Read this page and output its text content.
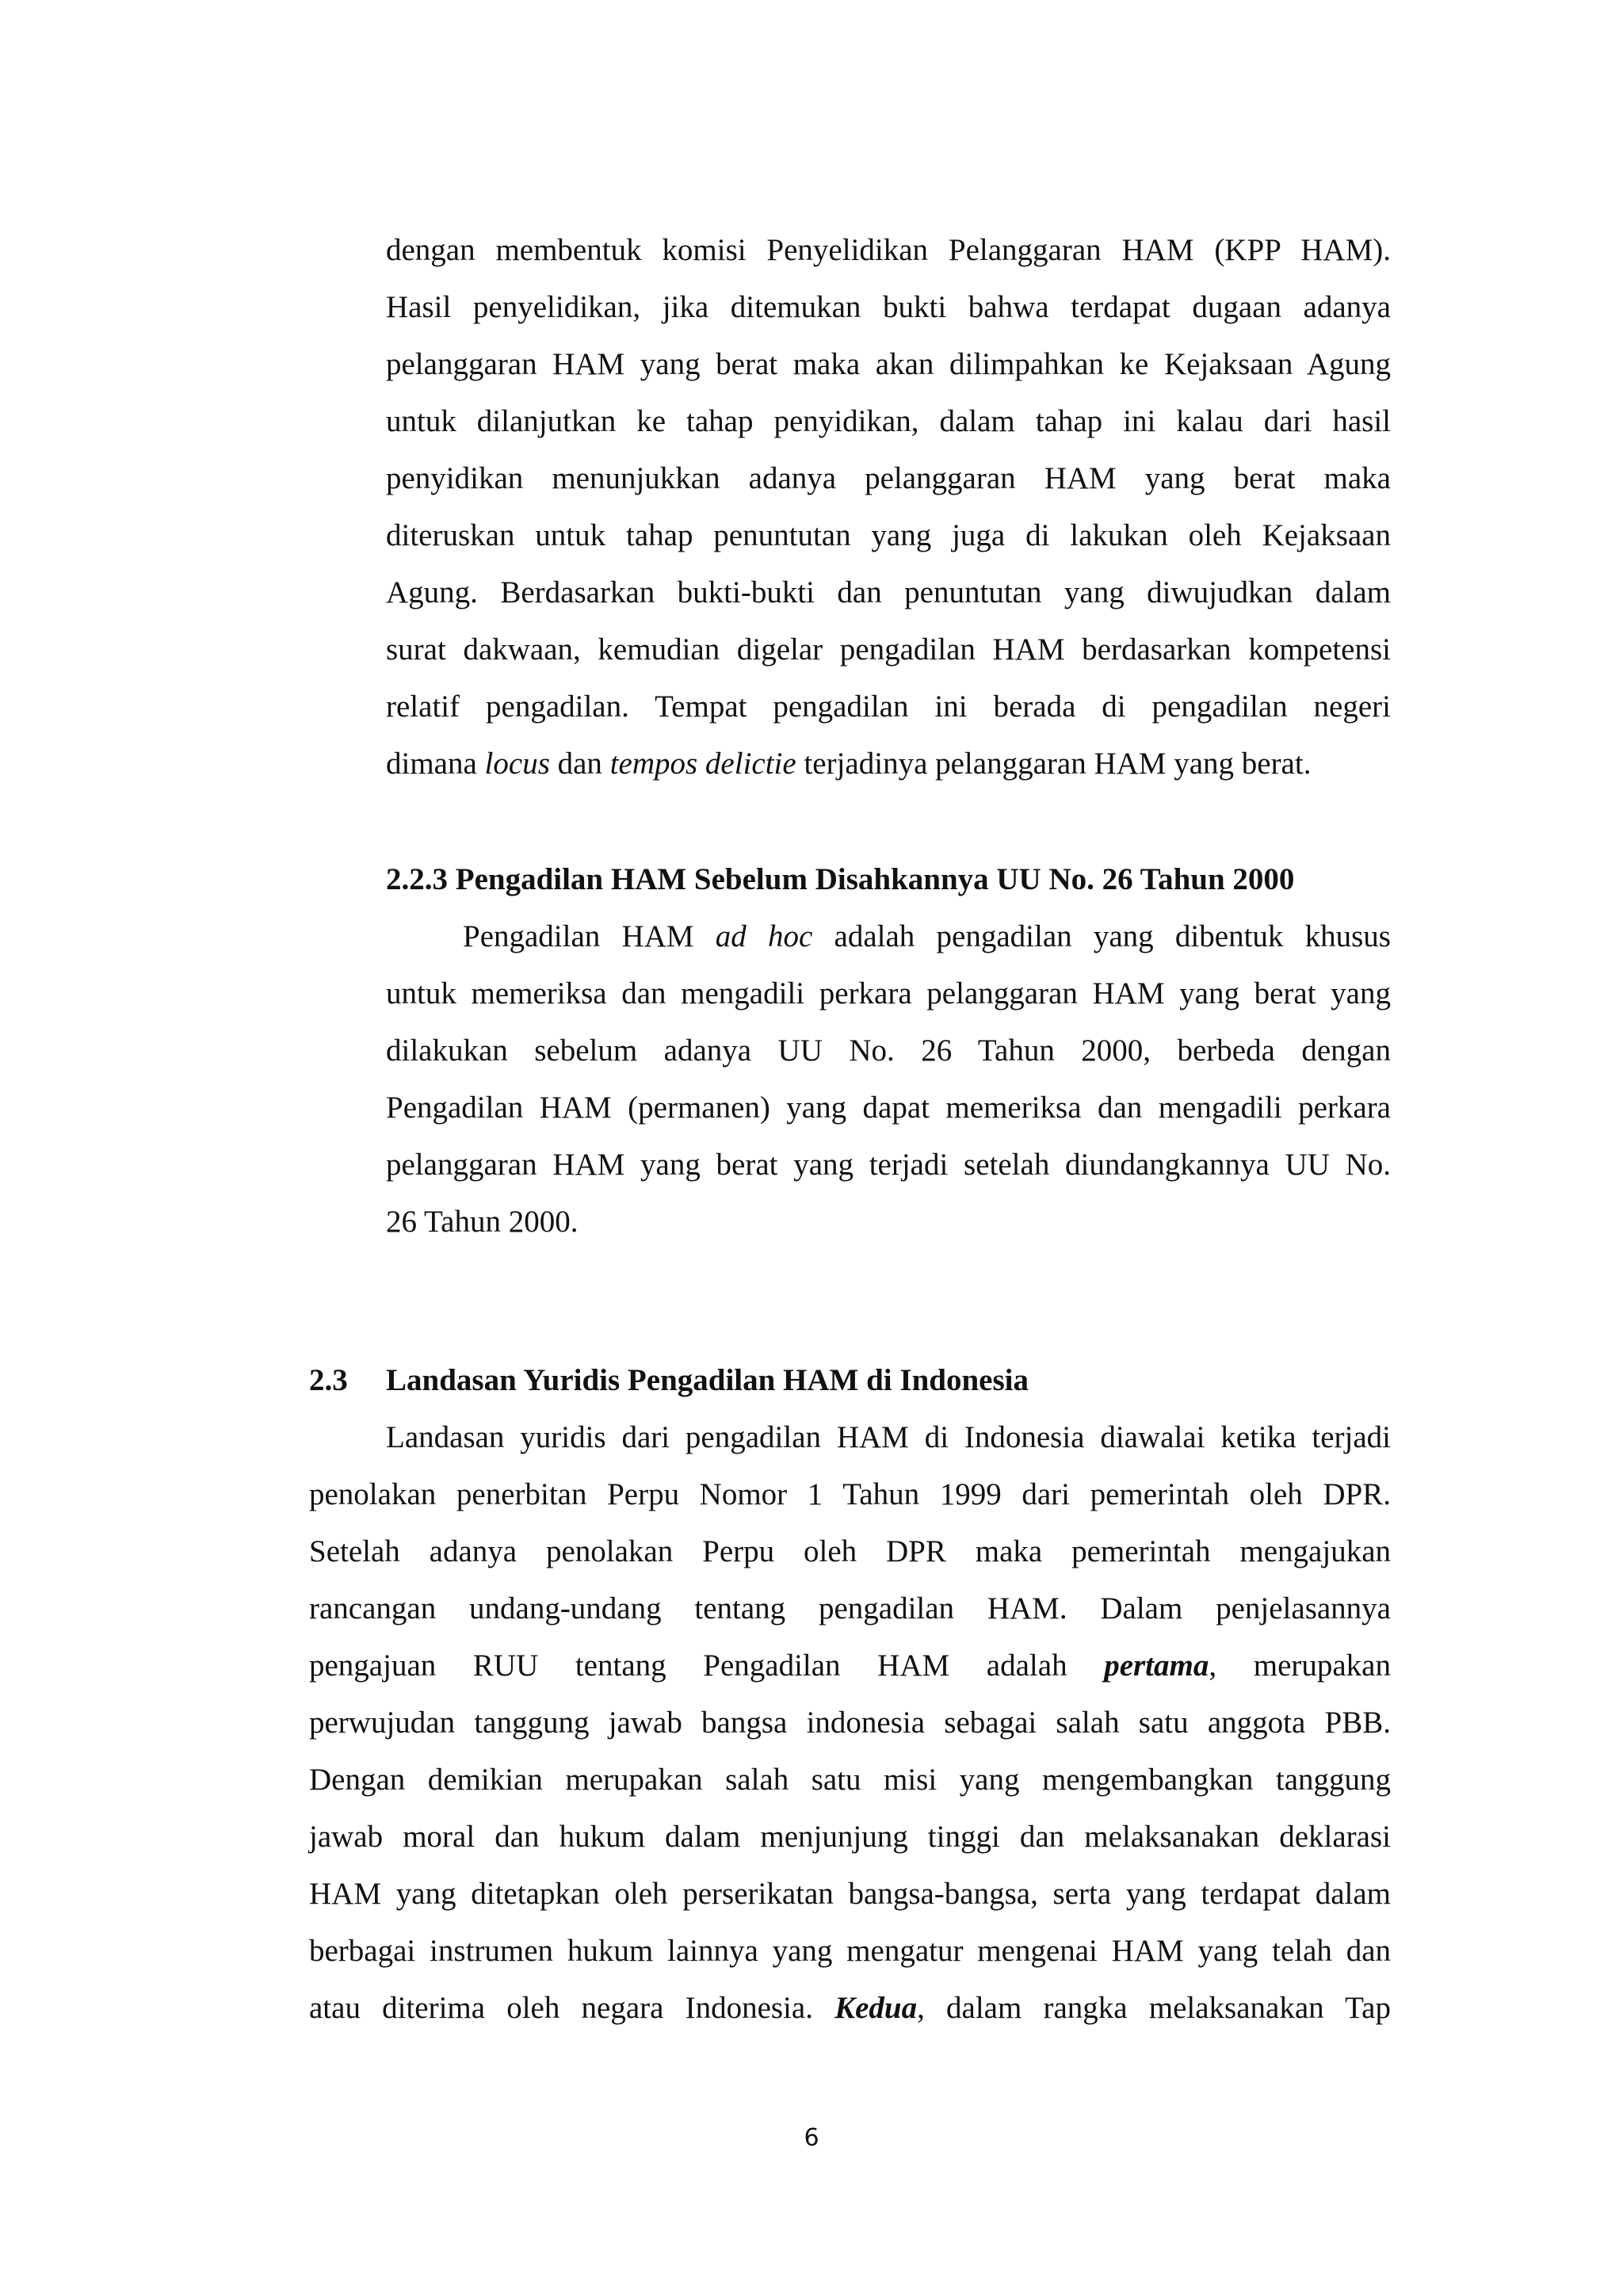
dengan membentuk komisi Penyelidikan Pelanggaran HAM (KPP HAM).

Hasil penyelidikan, jika ditemukan bukti bahwa terdapat dugaan adanya

pelanggaran HAM yang berat maka akan dilimpahkan ke Kejaksaan Agung

untuk dilanjutkan ke tahap penyidikan, dalam tahap ini kalau dari hasil

penyidikan menunjukkan adanya pelanggaran HAM yang berat maka

diteruskan untuk tahap penuntutan yang juga di lakukan oleh Kejaksaan

Agung. Berdasarkan bukti-bukti dan penuntutan yang diwujudkan dalam

surat dakwaan, kemudian digelar pengadilan HAM berdasarkan kompetensi

relatif pengadilan. Tempat pengadilan ini berada di pengadilan negeri

dimana locus dan tempos delictie terjadinya pelanggaran HAM yang berat.

2.2.3 Pengadilan HAM Sebelum Disahkannya UU No. 26 Tahun 2000

Pengadilan HAM ad hoc adalah pengadilan yang dibentuk khusus

untuk memeriksa dan mengadili perkara pelanggaran HAM yang berat yang

dilakukan sebelum adanya UU No. 26 Tahun 2000, berbeda dengan

Pengadilan HAM (permanen) yang dapat memeriksa dan mengadili perkara

pelanggaran HAM yang berat yang terjadi setelah diundangkannya UU No.

26 Tahun 2000.

2.3 Landasan Yuridis Pengadilan HAM di Indonesia

Landasan yuridis dari pengadilan HAM di Indonesia diawalai ketika terjadi

penolakan penerbitan Perpu Nomor 1 Tahun 1999 dari pemerintah oleh DPR.

Setelah adanya penolakan Perpu oleh DPR maka pemerintah mengajukan

rancangan undang-undang tentang pengadilan HAM. Dalam penjelasannya

pengajuan RUU tentang Pengadilan HAM adalah pertama, merupakan

perwujudan tanggung jawab bangsa indonesia sebagai salah satu anggota PBB.

Dengan demikian merupakan salah satu misi yang mengembangkan tanggung

jawab moral dan hukum dalam menjunjung tinggi dan melaksanakan deklarasi

HAM yang ditetapkan oleh perserikatan bangsa-bangsa, serta yang terdapat dalam

berbagai instrumen hukum lainnya yang mengatur mengenai HAM yang telah dan

atau diterima oleh negara Indonesia. Kedua, dalam rangka melaksanakan Tap

6
